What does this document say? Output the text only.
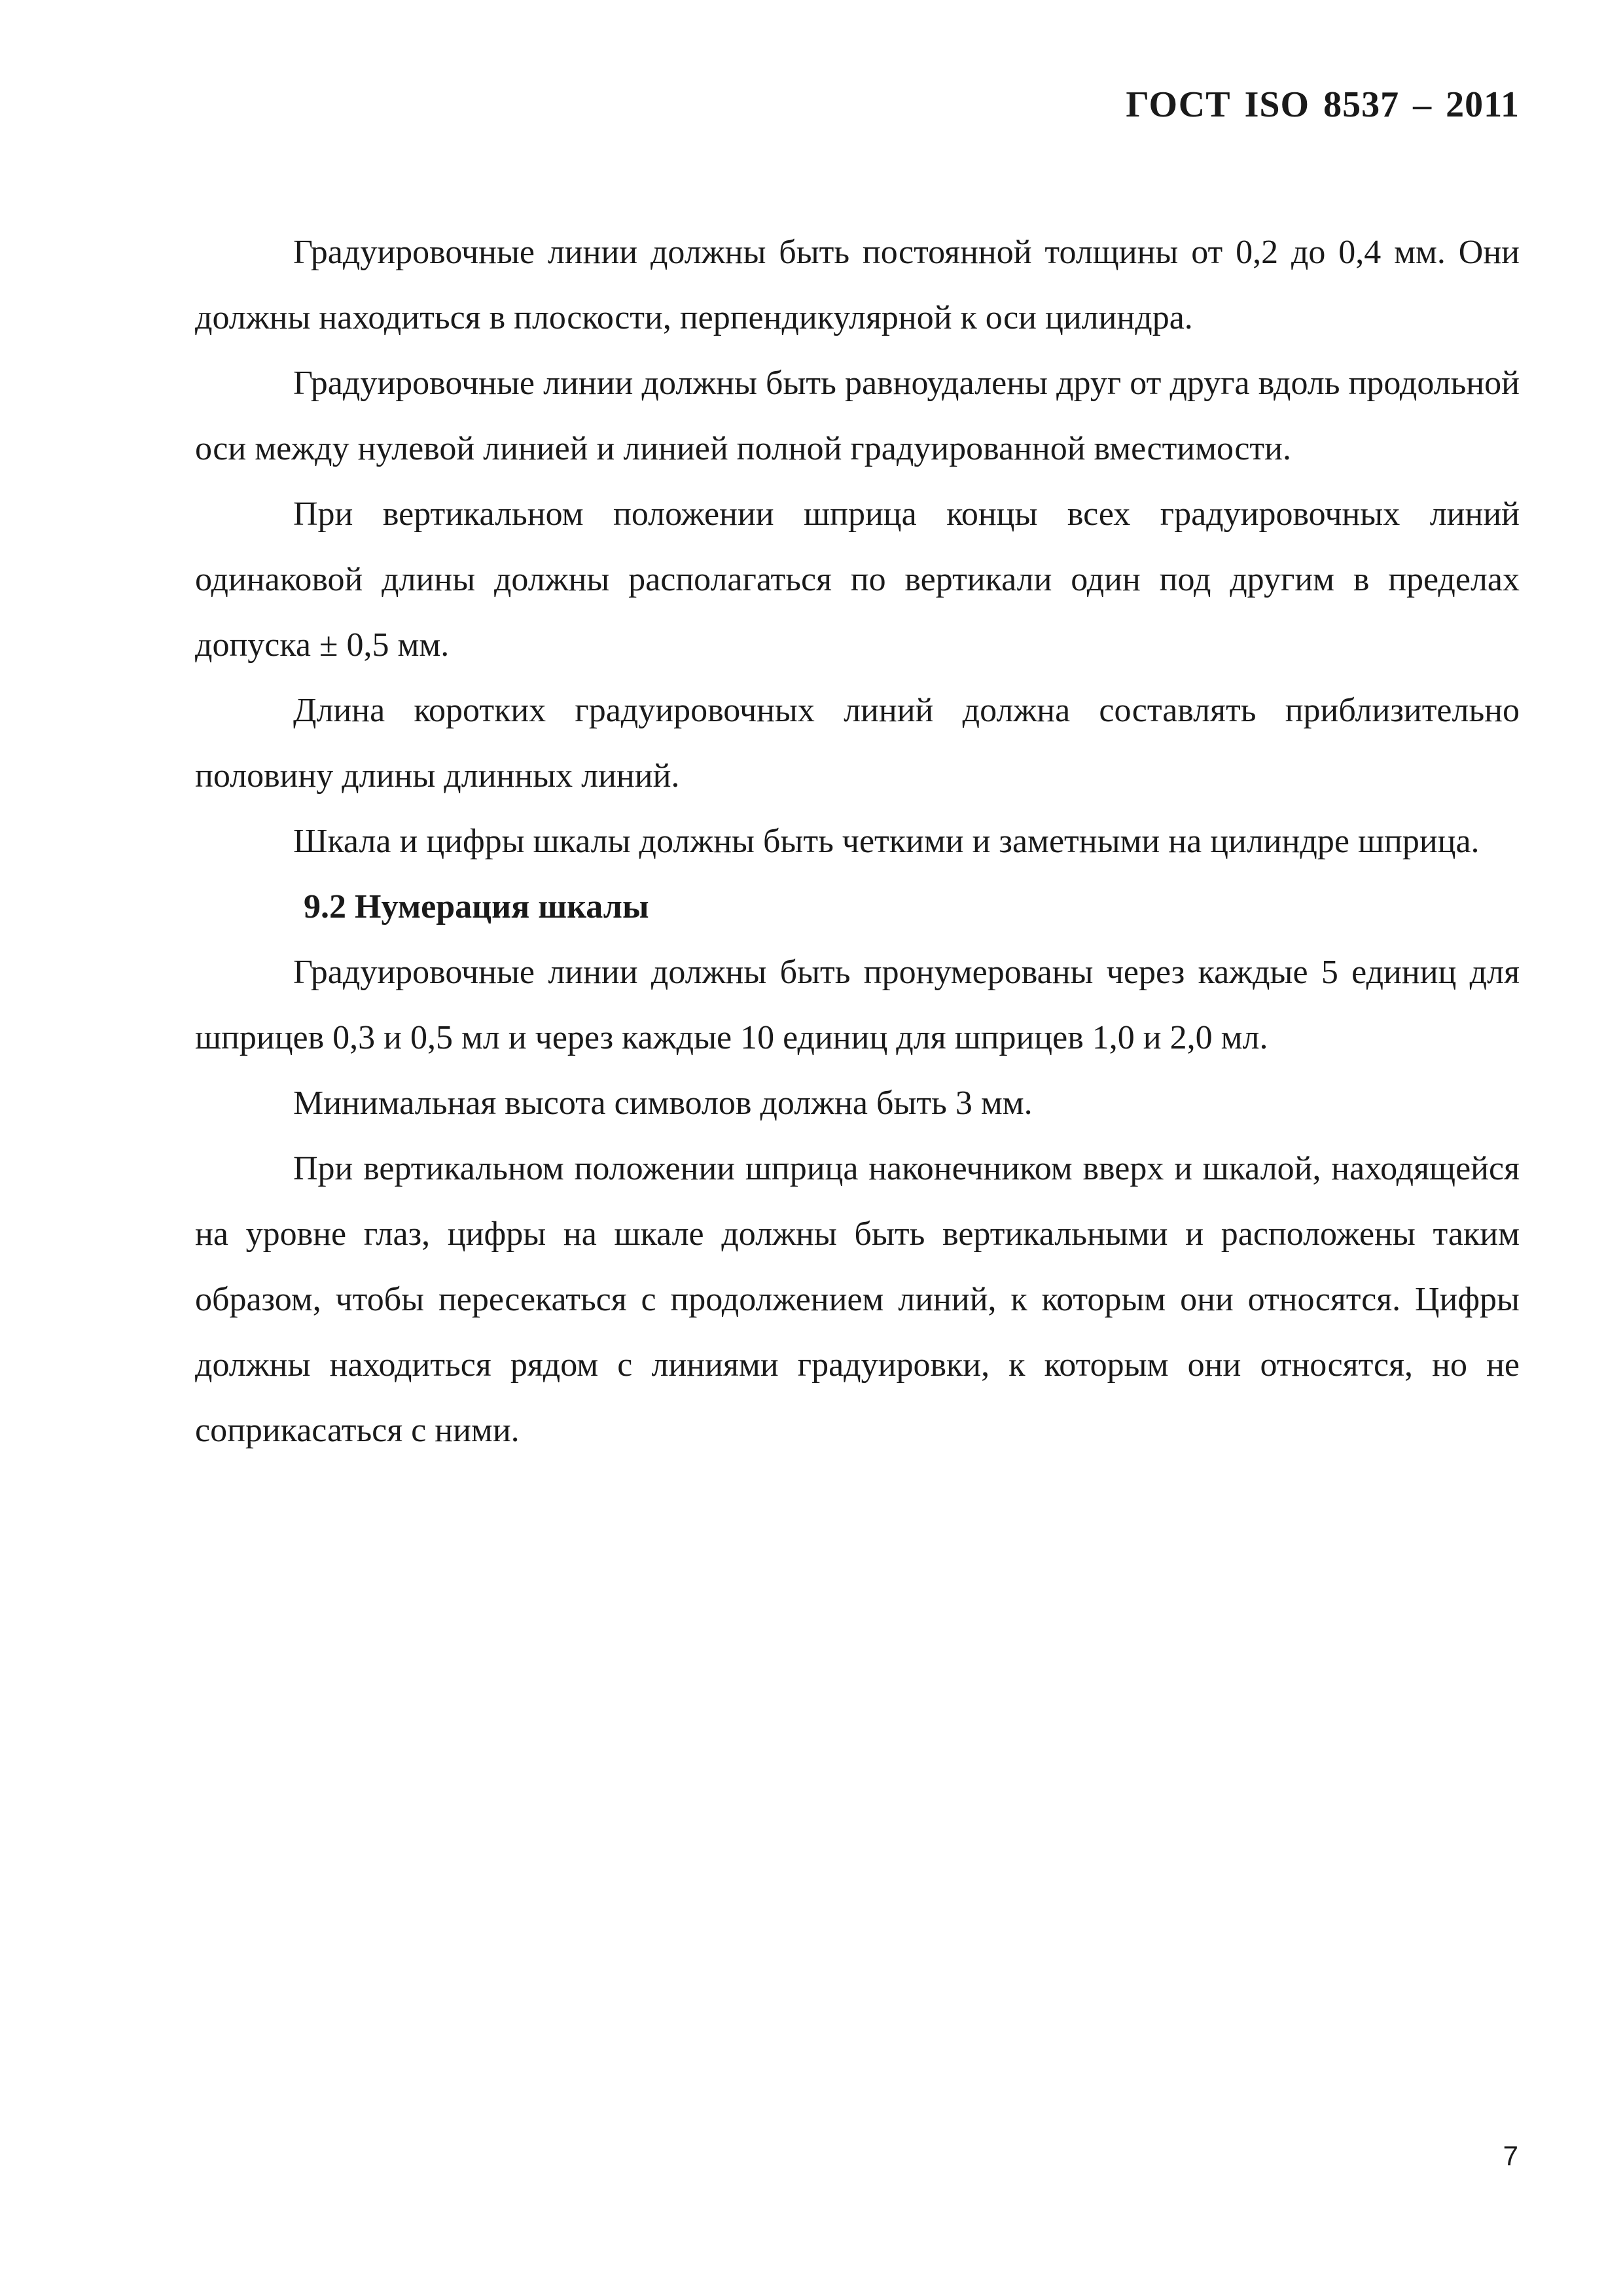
ГОСТ ISO 8537 – 2011

Градуировочные линии должны быть постоянной толщины от 0,2 до 0,4 мм. Они должны находиться в плоскости, перпендикулярной к оси цилиндра.

Градуировочные линии должны быть равноудалены друг от друга вдоль продольной оси между нулевой линией и линией полной градуированной вместимости.

При вертикальном положении шприца концы всех градуировочных линий одинаковой длины должны располагаться по вертикали один под другим в пределах допуска ± 0,5 мм.

Длина коротких градуировочных линий должна составлять приблизительно половину длины длинных линий.

Шкала и цифры шкалы должны быть четкими и заметными на цилиндре шприца.

9.2 Нумерация шкалы

Градуировочные линии должны быть пронумерованы через каждые 5 единиц для шприцев 0,3 и 0,5 мл и через каждые 10 единиц для шприцев 1,0 и 2,0 мл.

Минимальная высота символов должна быть 3 мм.

При вертикальном положении шприца наконечником вверх и шкалой, находящейся на уровне глаз, цифры на шкале должны быть вертикальными и расположены таким образом, чтобы пересекаться с продолжением линий, к которым они относятся. Цифры должны находиться рядом с линиями градуировки, к которым они относятся, но не соприкасаться с ними.

7
